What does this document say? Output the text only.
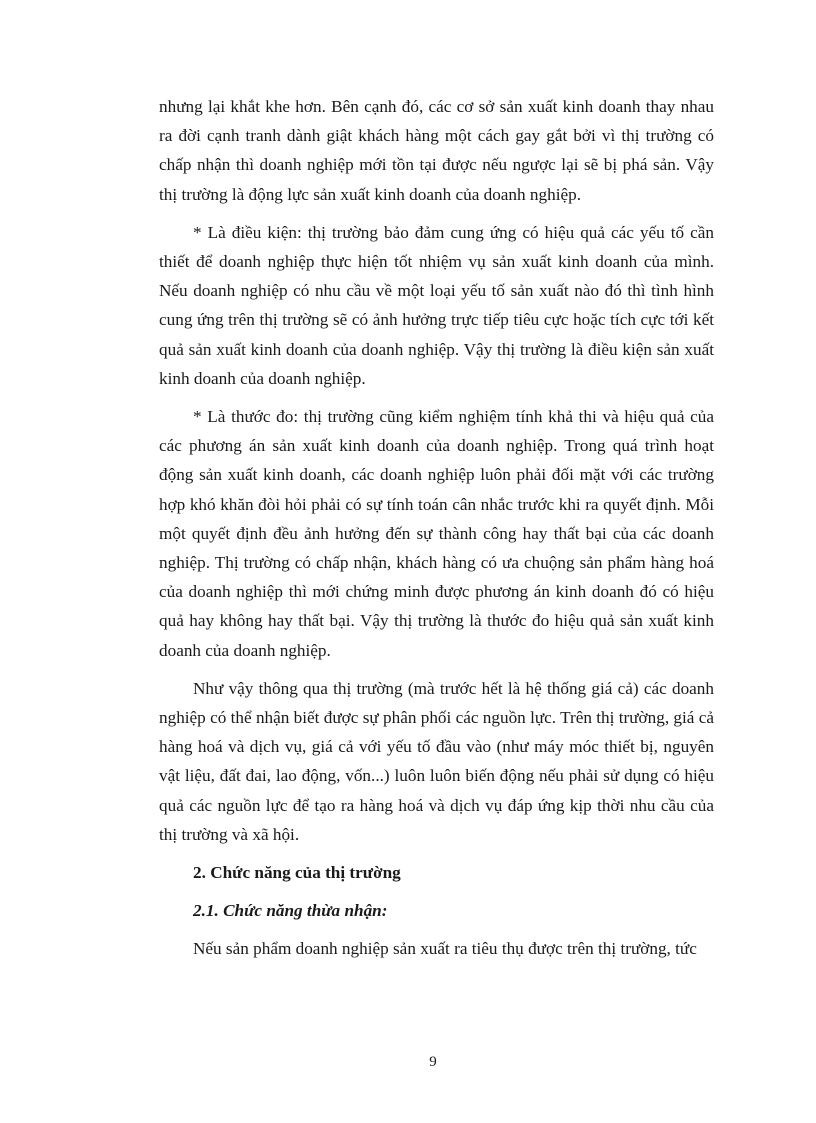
nhưng lại khắt khe hơn. Bên cạnh đó, các cơ sở sản xuất kinh doanh thay nhau ra đời cạnh tranh dành giật khách hàng một cách gay gắt bởi vì thị trường có chấp nhận thì doanh nghiệp mới tồn tại được nếu ngược lại sẽ bị phá sản. Vậy thị trường là động lực sản xuất kinh doanh của doanh nghiệp.

* Là điều kiện: thị trường bảo đảm cung ứng có hiệu quả các yếu tố cần thiết để doanh nghiệp thực hiện tốt nhiệm vụ sản xuất kinh doanh của mình. Nếu doanh nghiệp có nhu cầu về một loại yếu tố sản xuất nào đó thì tình hình cung ứng trên thị trường sẽ có ảnh hưởng trực tiếp tiêu cực hoặc tích cực tới kết quả sản xuất kinh doanh của doanh nghiệp. Vậy thị trường là điều kiện sản xuất kinh doanh của doanh nghiệp.

* Là thước đo: thị trường cũng kiểm nghiệm tính khả thi và hiệu quả của các phương án sản xuất kinh doanh của doanh nghiệp. Trong quá trình hoạt động sản xuất kinh doanh, các doanh nghiệp luôn phải đối mặt với các trường hợp khó khăn đòi hỏi phải có sự tính toán cân nhắc trước khi ra quyết định. Mỗi một quyết định đều ảnh hưởng đến sự thành công hay thất bại của các doanh nghiệp. Thị trường có chấp nhận, khách hàng có ưa chuộng sản phẩm hàng hoá của doanh nghiệp thì mới chứng minh được phương án kinh doanh đó có hiệu quả hay không hay thất bại. Vậy thị trường là thước đo hiệu quả sản xuất kinh doanh của doanh nghiệp.

Như vậy thông qua thị trường (mà trước hết là hệ thống giá cả) các doanh nghiệp có thể nhận biết được sự phân phối các nguồn lực. Trên thị trường, giá cả hàng hoá và dịch vụ, giá cả với yếu tố đầu vào (như máy móc thiết bị, nguyên vật liệu, đất đai, lao động, vốn...) luôn luôn biến động nếu phải sử dụng có hiệu quả các nguồn lực để tạo ra hàng hoá và dịch vụ đáp ứng kịp thời nhu cầu của thị trường và xã hội.

2. Chức năng của thị trường

2.1. Chức năng thừa nhận:

Nếu sản phẩm doanh nghiệp sản xuất ra tiêu thụ được trên thị trường, tức

9
